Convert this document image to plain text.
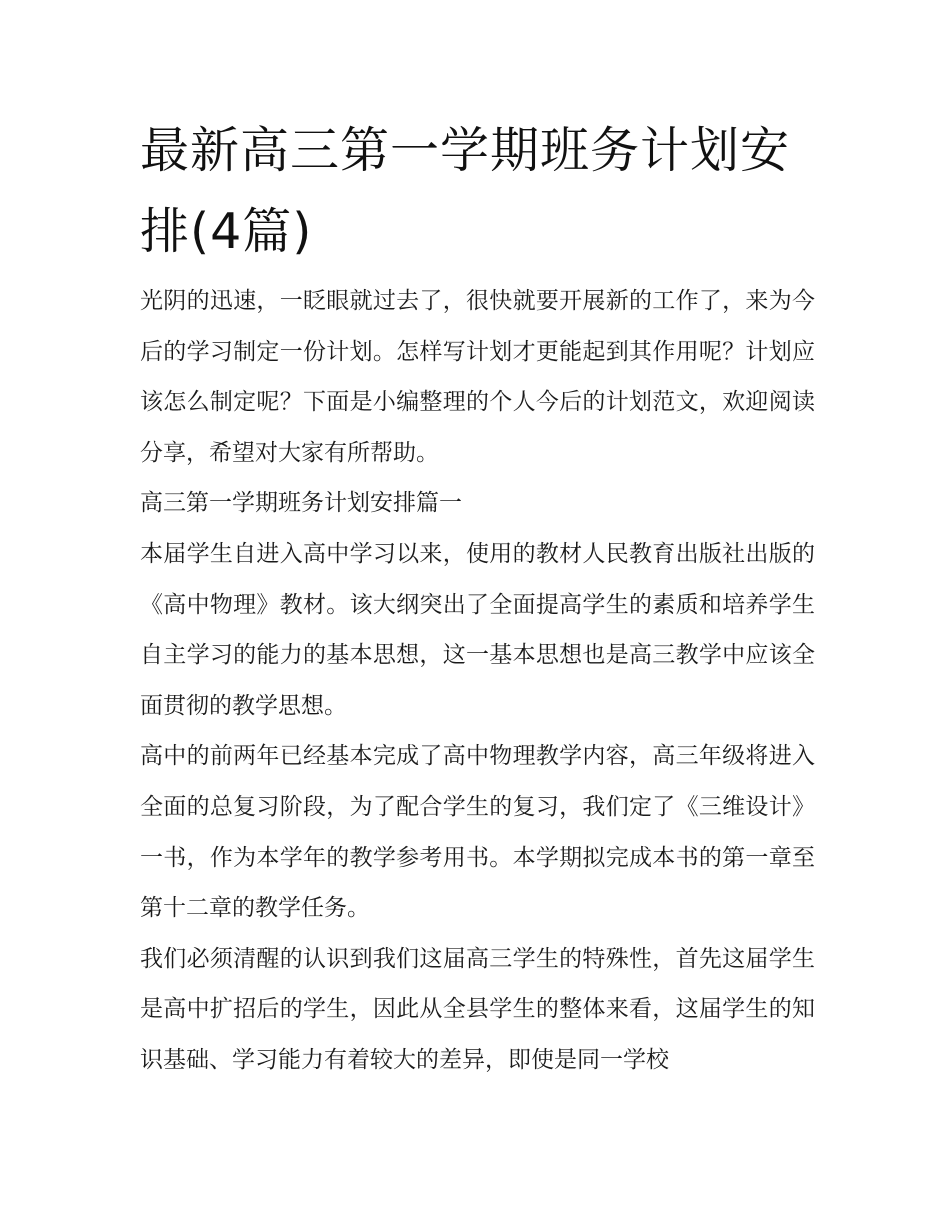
最新高三第一学期班务计划安排(4篇)

光阴的迅速，一眨眼就过去了，很快就要开展新的工作了，来为今后的学习制定一份计划。怎样写计划才更能起到其作用呢？计划应该怎么制定呢？下面是小编整理的个人今后的计划范文，欢迎阅读分享，希望对大家有所帮助。

高三第一学期班务计划安排篇一

本届学生自进入高中学习以来，使用的教材人民教育出版社出版的《高中物理》教材。该大纲突出了全面提高学生的素质和培养学生自主学习的能力的基本思想，这一基本思想也是高三教学中应该全面贯彻的教学思想。

高中的前两年已经基本完成了高中物理教学内容，高三年级将进入全面的总复习阶段，为了配合学生的复习，我们定了《三维设计》一书，作为本学年的教学参考用书。本学期拟完成本书的第一章至第十二章的教学任务。

我们必须清醒的认识到我们这届高三学生的特殊性，首先这届学生是高中扩招后的学生，因此从全县学生的整体来看，这届学生的知识基础、学习能力有着较大的差异，即使是同一学校
